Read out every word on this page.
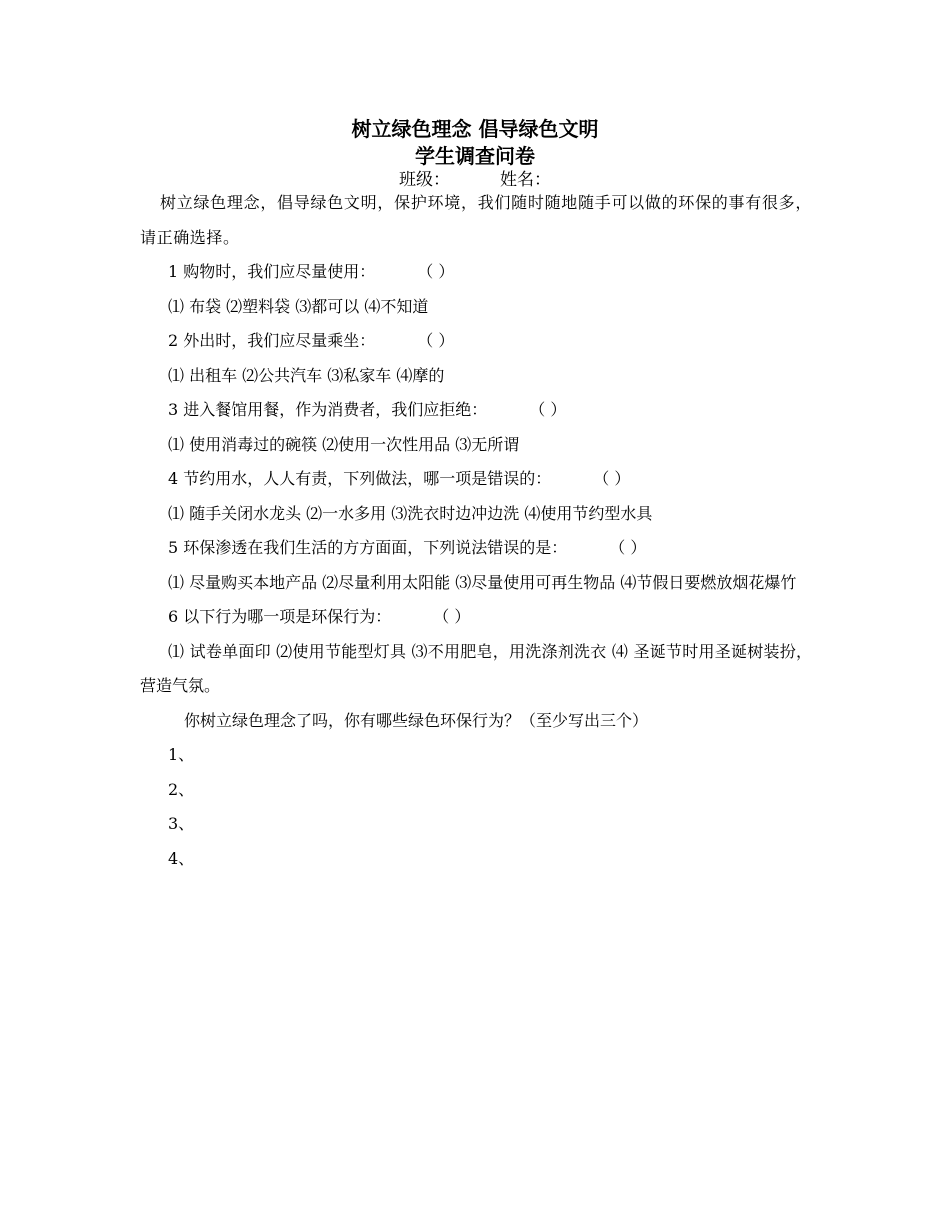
树立绿色理念 倡导绿色文明

学生调查问卷

班级：	姓名：

树立绿色理念，倡导绿色文明，保护环境，我们随时随地随手可以做的环保的事有很多，请正确选择。

1 购物时，我们应尽量使用：	（ ）

⑴ 布袋 ⑵塑料袋 ⑶都可以 ⑷不知道

2 外出时，我们应尽量乘坐：	（ ）

⑴ 出租车 ⑵公共汽车 ⑶私家车 ⑷摩的

3 进入餐馆用餐，作为消费者，我们应拒绝：	（ ）

⑴ 使用消毒过的碗筷 ⑵使用一次性用品 ⑶无所谓

4 节约用水，人人有责，下列做法，哪一项是错误的：	（ ）

⑴ 随手关闭水龙头 ⑵一水多用 ⑶洗衣时边冲边洗 ⑷使用节约型水具

5 环保渗透在我们生活的方方面面，下列说法错误的是：	（ ）

⑴ 尽量购买本地产品 ⑵尽量利用太阳能 ⑶尽量使用可再生物品 ⑷节假日要燃放烟花爆竹

6 以下行为哪一项是环保行为：	（ ）

⑴ 试卷单面印 ⑵使用节能型灯具 ⑶不用肥皂，用洗涤剂洗衣 ⑷ 圣诞节时用圣诞树装扮，营造气氛。

你树立绿色理念了吗，你有哪些绿色环保行为？（至少写出三个）

1、

2、

3、

4、
